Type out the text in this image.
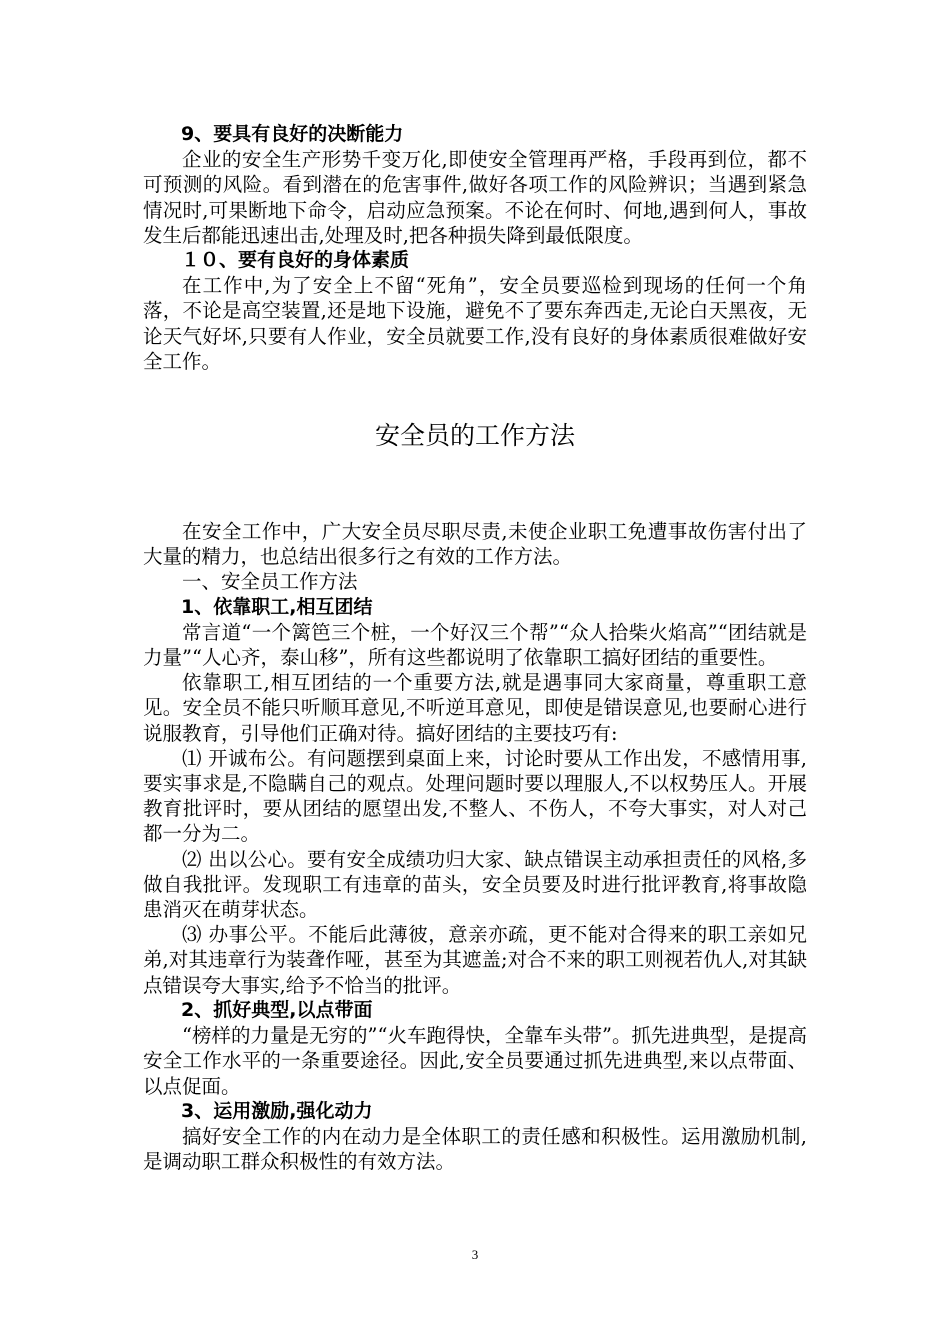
9、要具有良好的决断能力

企业的安全生产形势千变万化,即使安全管理再严格，手段再到位，都不可预测的风险。看到潜在的危害事件,做好各项工作的风险辨识；当遇到紧急情况时,可果断地下命令，启动应急预案。不论在何时、何地,遇到何人，事故发生后都能迅速出击,处理及时,把各种损失降到最低限度。

１０、要有良好的身体素质

在工作中,为了安全上不留“死角”，安全员要巡检到现场的任何一个角落，不论是高空装置,还是地下设施，避免不了要东奔西走,无论白天黑夜，无论天气好坏,只要有人作业，安全员就要工作,没有良好的身体素质很难做好安全工作。

安全员的工作方法

在安全工作中，广大安全员尽职尽责,未使企业职工免遭事故伤害付出了大量的精力，也总结出很多行之有效的工作方法。

一、安全员工作方法

1、依靠职工,相互团结

常言道“一个篱笆三个桩，一个好汉三个帮”“众人拾柴火焰高”“团结就是力量”“人心齐，泰山移”，所有这些都说明了依靠职工搞好团结的重要性。

依靠职工,相互团结的一个重要方法,就是遇事同大家商量，尊重职工意见。安全员不能只听顺耳意见,不听逆耳意见，即使是错误意见,也要耐心进行说服教育，引导他们正确对待。搞好团结的主要技巧有:

⑴ 开诚布公。有问题摆到桌面上来，讨论时要从工作出发，不感情用事,要实事求是,不隐瞒自己的观点。处理问题时要以理服人,不以权势压人。开展教育批评时，要从团结的愿望出发,不整人、不伤人，不夸大事实，对人对己都一分为二。

⑵ 出以公心。要有安全成绩功归大家、缺点错误主动承担责任的风格,多做自我批评。发现职工有违章的苗头，安全员要及时进行批评教育,将事故隐患消灭在萌芽状态。

⑶ 办事公平。不能后此薄彼，意亲亦疏，更不能对合得来的职工亲如兄弟,对其违章行为装聋作哑，甚至为其遮盖;对合不来的职工则视若仇人,对其缺点错误夸大事实,给予不恰当的批评。

2、抓好典型,以点带面

“榜样的力量是无穷的”“火车跑得快，全靠车头带”。抓先进典型，是提高安全工作水平的一条重要途径。因此,安全员要通过抓先进典型,来以点带面、以点促面。

3、运用激励,强化动力

搞好安全工作的内在动力是全体职工的责任感和积极性。运用激励机制,是调动职工群众积极性的有效方法。

3
